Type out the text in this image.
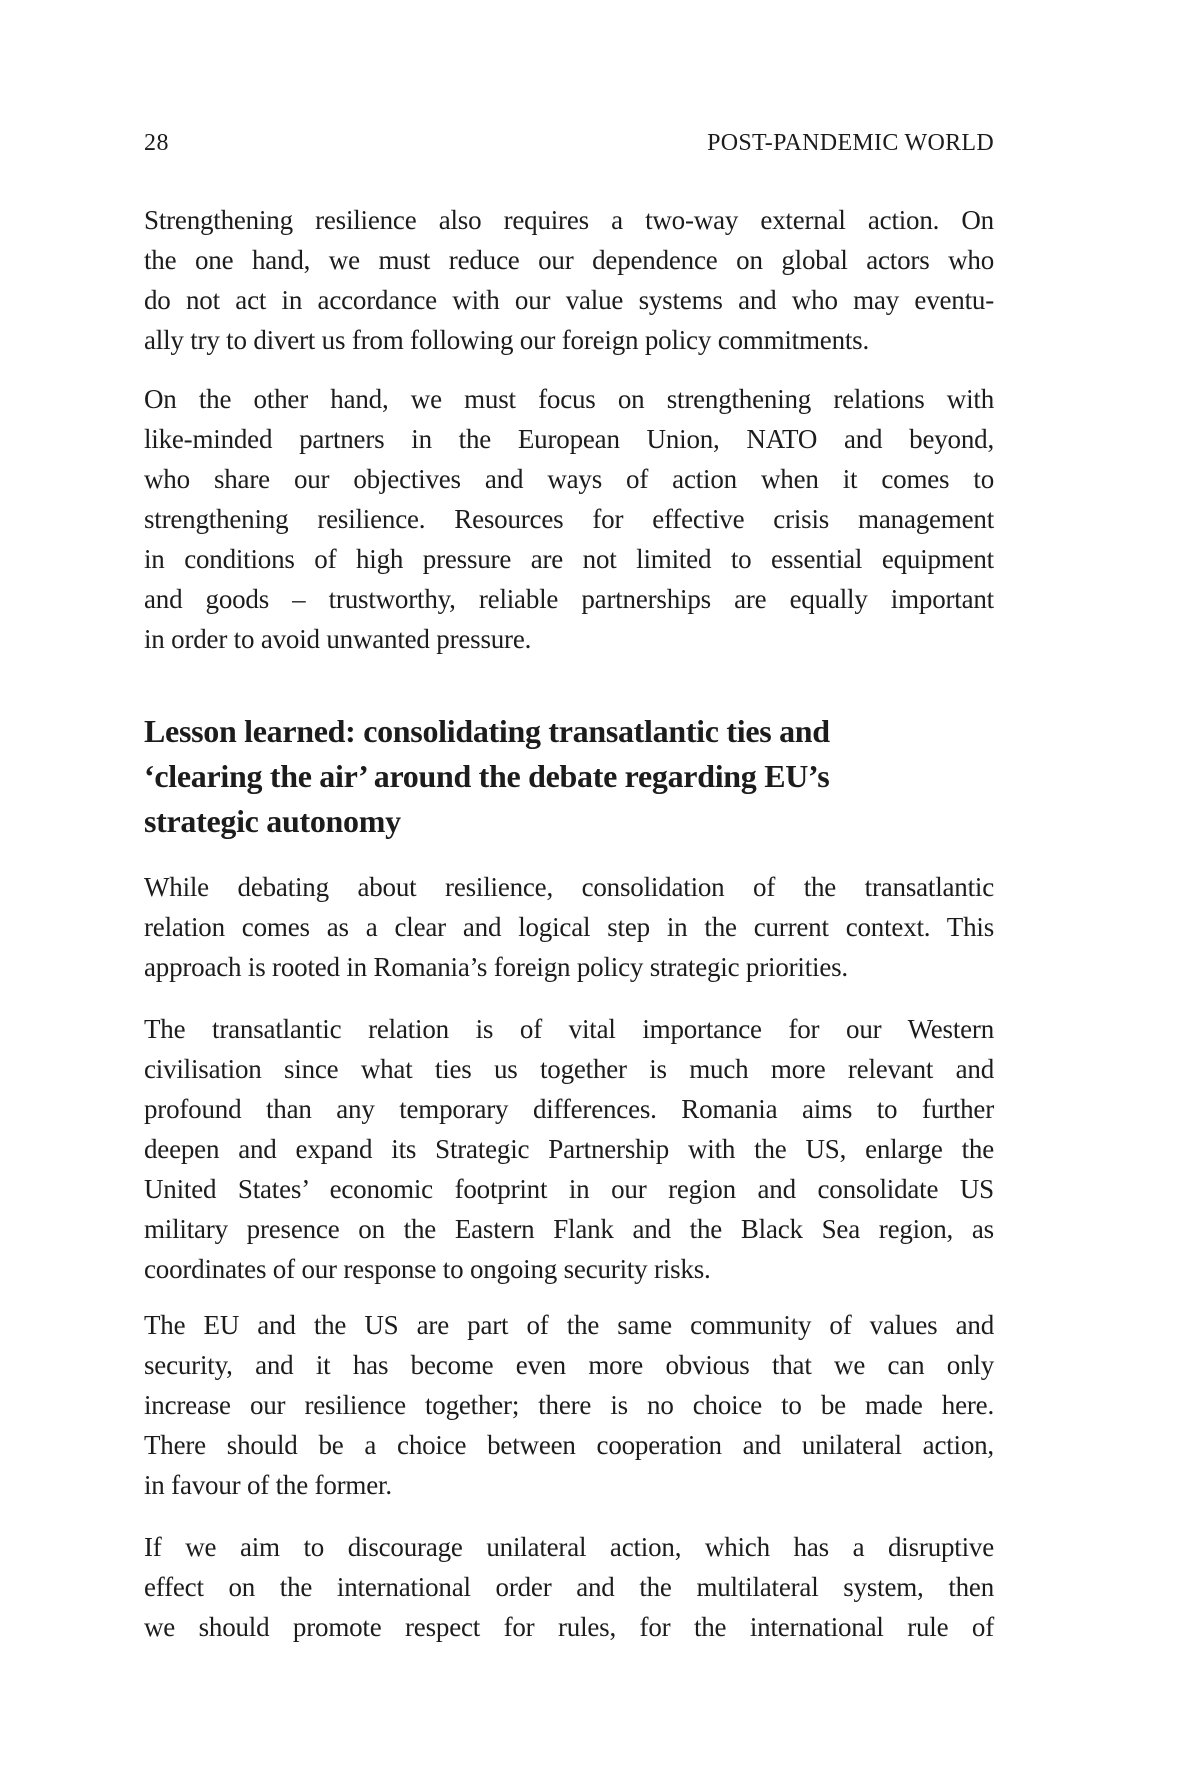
28	POST-PANDEMIC WORLD
Strengthening resilience also requires a two-way external action. On
the one hand, we must reduce our dependence on global actors who
do not act in accordance with our value systems and who may eventu-
ally try to divert us from following our foreign policy commitments.
On the other hand, we must focus on strengthening relations with
like-minded partners in the European Union, NATO and beyond,
who share our objectives and ways of action when it comes to
strengthening resilience. Resources for effective crisis management
in conditions of high pressure are not limited to essential equipment
and goods – trustworthy, reliable partnerships are equally important
in order to avoid unwanted pressure.
Lesson learned: consolidating transatlantic ties and
‘clearing the air’ around the debate regarding EU’s
strategic autonomy
While debating about resilience, consolidation of the transatlantic
relation comes as a clear and logical step in the current context. This
approach is rooted in Romania’s foreign policy strategic priorities.
The transatlantic relation is of vital importance for our Western
civilisation since what ties us together is much more relevant and
profound than any temporary differences. Romania aims to further
deepen and expand its Strategic Partnership with the US, enlarge the
United States’ economic footprint in our region and consolidate US
military presence on the Eastern Flank and the Black Sea region, as
coordinates of our response to ongoing security risks.
The EU and the US are part of the same community of values and
security, and it has become even more obvious that we can only
increase our resilience together; there is no choice to be made here.
There should be a choice between cooperation and unilateral action,
in favour of the former.
If we aim to discourage unilateral action, which has a disruptive
effect on the international order and the multilateral system, then
we should promote respect for rules, for the international rule of
